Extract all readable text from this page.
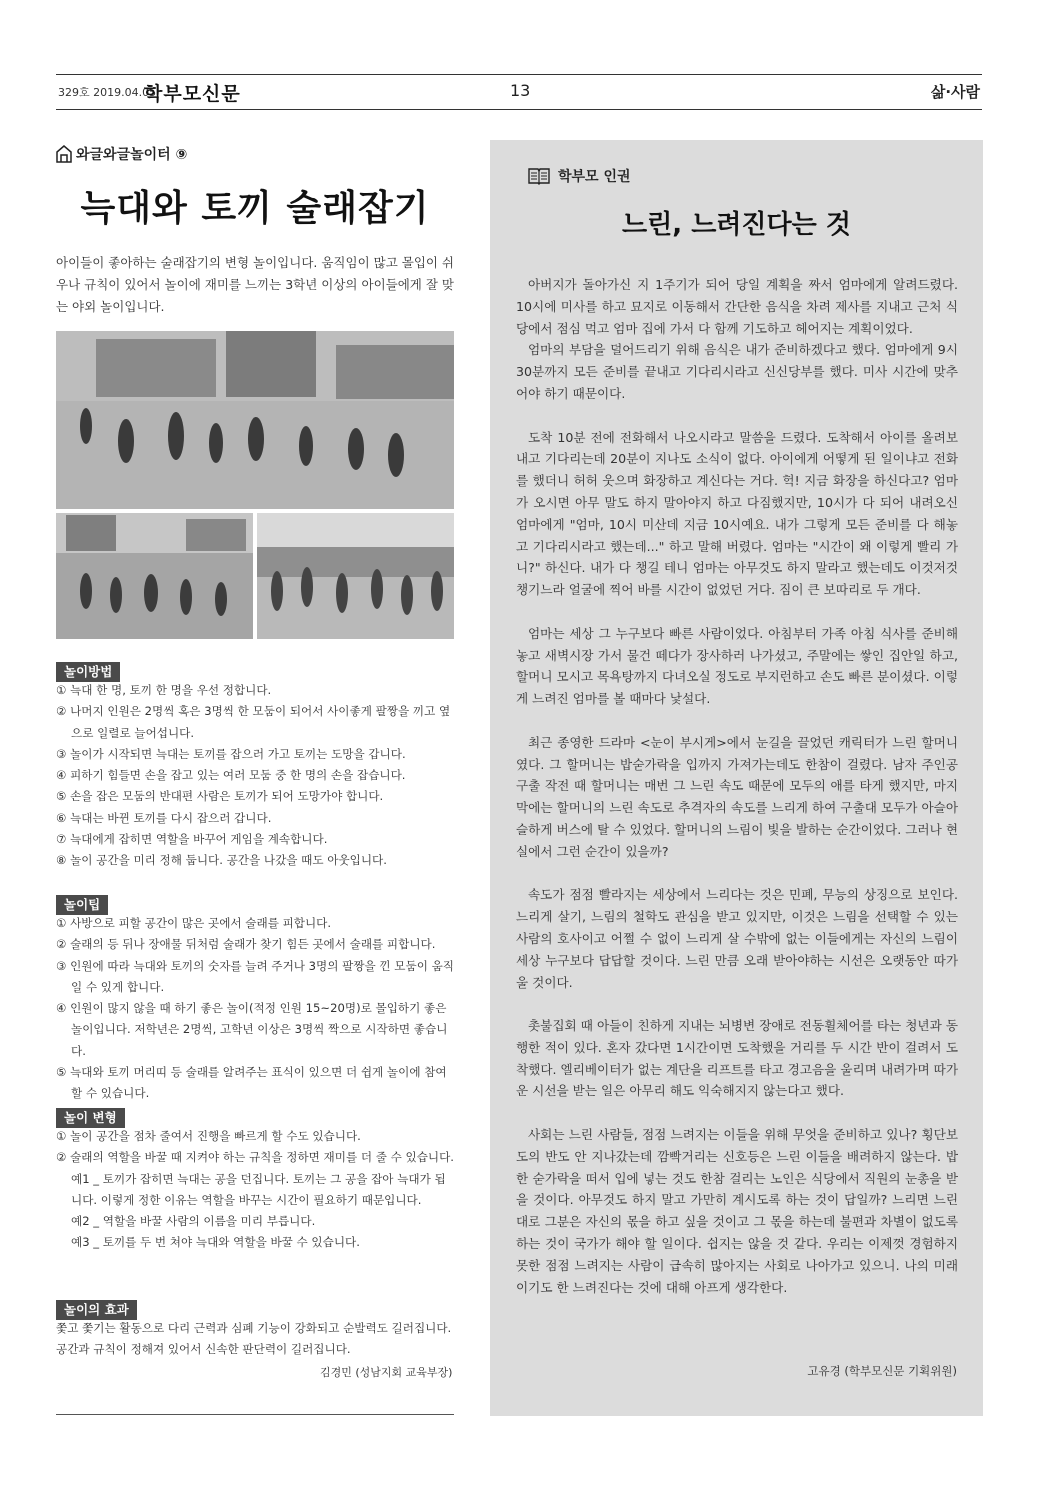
329호 2019.04.05.
학부모신문	13	삶·사람
와글와글놀이터 ⑨
늑대와 토끼 술래잡기
아이들이 좋아하는 술래잡기의 변형 놀이입니다. 움직임이 많고 몰입이 쉬우나 규칙이 있어서 놀이에 재미를 느끼는 3학년 이상의 아이들에게 잘 맞는 야외 놀이입니다.
놀이방법
① 늑대 한 명, 토끼 한 명을 우선 정합니다.
② 나머지 인원은 2명씩 혹은 3명씩 한 모둠이 되어서 사이좋게 팔짱을 끼고 옆으로 일렬로 늘어섭니다.
③ 놀이가 시작되면 늑대는 토끼를 잡으러 가고 토끼는 도망을 갑니다.
④ 피하기 힘들면 손을 잡고 있는 여러 모둠 중 한 명의 손을 잡습니다.
⑤ 손을 잡은 모둠의 반대편 사람은 토끼가 되어 도망가야 합니다.
⑥ 늑대는 바뀐 토끼를 다시 잡으러 갑니다.
⑦ 늑대에게 잡히면 역할을 바꾸어 게임을 계속합니다.
⑧ 놀이 공간을 미리 정해 둡니다. 공간을 나갔을 때도 아웃입니다.
놀이팁
① 사방으로 피할 공간이 많은 곳에서 술래를 피합니다.
② 술래의 등 뒤나 장애물 뒤처럼 술래가 찾기 힘든 곳에서 술래를 피합니다.
③ 인원에 따라 늑대와 토끼의 숫자를 늘려 주거나 3명의 팔짱을 낀 모둠이 움직일 수 있게 합니다.
④ 인원이 많지 않을 때 하기 좋은 놀이(적정 인원 15~20명)로 몰입하기 좋은 놀이입니다. 저학년은 2명씩, 고학년 이상은 3명씩 짝으로 시작하면 좋습니다.
⑤ 늑대와 토끼 머리띠 등 술래를 알려주는 표식이 있으면 더 쉽게 놀이에 참여할 수 있습니다.
놀이 변형
① 놀이 공간을 점차 줄여서 진행을 빠르게 할 수도 있습니다.
② 술래의 역할을 바꿀 때 지켜야 하는 규칙을 정하면 재미를 더 줄 수 있습니다.
예1 _ 토끼가 잡히면 늑대는 공을 던집니다. 토끼는 그 공을 잡아 늑대가 됩니다. 이렇게 정한 이유는 역할을 바꾸는 시간이 필요하기 때문입니다.
예2 _ 역할을 바꿀 사람의 이름을 미리 부릅니다.
예3 _ 토끼를 두 번 쳐야 늑대와 역할을 바꿀 수 있습니다.
놀이의 효과
쫓고 쫓기는 활동으로 다리 근력과 심폐 기능이 강화되고 순발력도 길러집니다.
공간과 규칙이 정해져 있어서 신속한 판단력이 길러집니다.
김경민 (성남지회 교육부장)
학부모 인권
느린, 느려진다는 것

아버지가 돌아가신 지 1주기가 되어 당일 계획을 짜서 엄마에게 알려드렸다. 10시에 미사를 하고 묘지로 이동해서 간단한 음식을 차려 제사를 지내고 근처 식당에서 점심 먹고 엄마 집에 가서 다 함께 기도하고 헤어지는 계획이었다.

엄마의 부담을 덜어드리기 위해 음식은 내가 준비하겠다고 했다. 엄마에게 9시 30분까지 모든 준비를 끝내고 기다리시라고 신신당부를 했다. 미사 시간에 맞추어야 하기 때문이다.

도착 10분 전에 전화해서 나오시라고 말씀을 드렸다. 도착해서 아이를 올려보내고 기다리는데 20분이 지나도 소식이 없다. 아이에게 어떻게 된 일이냐고 전화를 했더니 허허 웃으며 화장하고 계신다는 거다. 헉! 지금 화장을 하신다고? 엄마가 오시면 아무 말도 하지 말아야지 하고 다짐했지만, 10시가 다 되어 내려오신 엄마에게 "엄마, 10시 미산데 지금 10시예요. 내가 그렇게 모든 준비를 다 해놓고 기다리시라고 했는데..." 하고 말해 버렸다. 엄마는 "시간이 왜 이렇게 빨리 가니?" 하신다. 내가 다 챙길 테니 엄마는 아무것도 하지 말라고 했는데도 이것저것 챙기느라 얼굴에 찍어 바를 시간이 없었던 거다. 짐이 큰 보따리로 두 개다.

엄마는 세상 그 누구보다 빠른 사람이었다. 아침부터 가족 아침 식사를 준비해놓고 새벽시장 가서 물건 떼다가 장사하러 나가셨고, 주말에는 쌓인 집안일 하고, 할머니 모시고 목욕탕까지 다녀오실 정도로 부지런하고 손도 빠른 분이셨다. 이렇게 느려진 엄마를 볼 때마다 낯설다.

최근 종영한 드라마 <눈이 부시게>에서 눈길을 끌었던 캐릭터가 느린 할머니였다. 그 할머니는 밥숟가락을 입까지 가져가는데도 한참이 걸렸다. 남자 주인공 구출 작전 때 할머니는 매번 그 느린 속도 때문에 모두의 애를 타게 했지만, 마지막에는 할머니의 느린 속도로 추격자의 속도를 느리게 하여 구출대 모두가 아슬아슬하게 버스에 탈 수 있었다. 할머니의 느림이 빛을 발하는 순간이었다. 그러나 현실에서 그런 순간이 있을까?

속도가 점점 빨라지는 세상에서 느리다는 것은 민폐, 무능의 상징으로 보인다. 느리게 살기, 느림의 철학도 관심을 받고 있지만, 이것은 느림을 선택할 수 있는 사람의 호사이고 어쩔 수 없이 느리게 살 수밖에 없는 이들에게는 자신의 느림이 세상 누구보다 답답할 것이다. 느린 만큼 오래 받아야하는 시선은 오랫동안 따가울 것이다.

촛불집회 때 아들이 친하게 지내는 뇌병변 장애로 전동휠체어를 타는 청년과 동행한 적이 있다. 혼자 갔다면 1시간이면 도착했을 거리를 두 시간 반이 걸려서 도착했다. 엘리베이터가 없는 계단을 리프트를 타고 경고음을 울리며 내려가며 따가운 시선을 받는 일은 아무리 해도 익숙해지지 않는다고 했다.

사회는 느린 사람들, 점점 느려지는 이들을 위해 무엇을 준비하고 있나? 횡단보도의 반도 안 지나갔는데 깜빡거리는 신호등은 느린 이들을 배려하지 않는다. 밥 한 숟가락을 떠서 입에 넣는 것도 한참 걸리는 노인은 식당에서 직원의 눈총을 받을 것이다. 아무것도 하지 말고 가만히 계시도록 하는 것이 답일까? 느리면 느린 대로 그분은 자신의 몫을 하고 싶을 것이고 그 몫을 하는데 불편과 차별이 없도록 하는 것이 국가가 해야 할 일이다. 쉽지는 않을 것 같다. 우리는 이제껏 경험하지 못한 점점 느려지는 사람이 급속히 많아지는 사회로 나아가고 있으니. 나의 미래이기도 한 느려진다는 것에 대해 아프게 생각한다.

고유경 (학부모신문 기획위원)
